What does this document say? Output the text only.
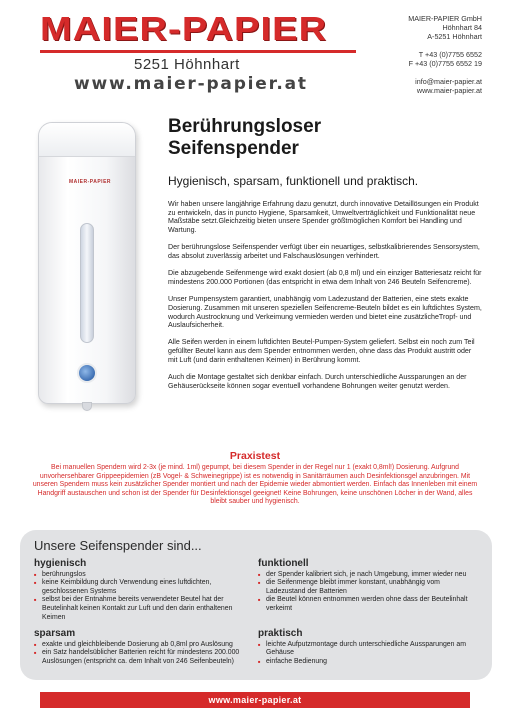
MAIER-PAPIER
5251 Höhnhart
www.maier-papier.at
MAIER-PAPIER GmbH
Höhnhart 84
A-5251 Höhnhart
T +43 (0)7755 6552
F +43 (0)7755 6552 19
info@maier-papier.at
www.maier-papier.at
MAIER-PAPIER
Berührungsloser
Seifenspender
Hygienisch, sparsam, funktionell und praktisch.

Wir haben unsere langjährige Erfahrung dazu genutzt, durch innovative Detaillösungen ein Produkt zu entwickeln, das in puncto Hygiene, Sparsamkeit, Umweltverträglichkeit und Funktionalität neue Maßstäbe setzt.Gleichzeitig bieten unsere Spender größtmöglichen Komfort bei Handling und Wartung.

Der berührungslose Seifenspender verfügt über ein neuartiges, selbstkalibrierendes Sensorsystem, das absolut zuverlässig arbeitet und Falschauslösungen verhindert.

Die abzugebende Seifenmenge wird exakt dosiert (ab 0,8 ml) und ein einziger Batteriesatz reicht für mindestens 200.000 Portionen (das entspricht in etwa dem Inhalt von 246 Beuteln Seifencreme).

Unser Pumpensystem garantiert, unabhängig vom Ladezustand der Batterien, eine stets exakte Dosierung. Zusammen mit unseren speziellen Seifencreme-Beuteln bildet es ein luftdichtes System, wodurch Austrocknung und Verkeimung vermieden werden und bietet eine zusätzlicheTropf- und Auslaufsicherheit.

Alle Seifen werden in einem luftdichten Beutel-Pumpen-System geliefert. Selbst ein noch zum Teil gefüllter Beutel kann aus dem Spender entnommen werden, ohne dass das Produkt austritt oder mit Luft (und darin enthaltenen Keimen) in Berührung kommt.

Auch die Montage gestaltet sich denkbar einfach. Durch unterschiedliche Aussparungen an der Gehäuserückseite können sogar eventuell vorhandene Bohrungen weiter genutzt werden.

Praxistest

Bei manuellen Spendern wird 2-3x (je mind. 1ml) gepumpt, bei diesem Spender in der Regel nur 1 (exakt 0,8ml!) Dosierung. Aufgrund unvorhersehbarer Grippeepidemien (zB Vogel- & Schweinegrippe) ist es notwendig in Sanitärräumen auch Desinfektionsgel anzubringen. Mit unseren Spendern muss kein zusätzlicher Spender montiert und nach der Epidemie wieder abmontiert werden. Einfach das Innenleben mit einem Handgriff austauschen und schon ist der Spender für Desinfektionsgel geeignet! Keine Bohrungen, keine unschönen Löcher in der Wand, alles bleibt sauber und hygienisch.

Unsere Seifenspender sind...
hygienisch
■ berührungslos
■ keine Keimbildung durch Verwendung eines luftdichten, geschlossenen Systems
■ selbst bei der Entnahme bereits verwendeter Beutel hat der Beutelinhalt keinen Kontakt zur Luft und den darin enthaltenen Keimen
sparsam
■ exakte und gleichbleibende Dosierung ab 0,8ml pro Auslösung
■ ein Satz handelsüblicher Batterien reicht für mindestens 200.000 Auslösungen (entspricht ca. dem Inhalt von 246 Seifenbeuteln)
funktionell
■ der Spender kalibriert sich, je nach Umgebung, immer wieder neu
■ die Seifenmenge bleibt immer konstant, unabhängig vom Ladezustand der Batterien
■ die Beutel können entnommen werden ohne dass der Beutelinhalt verkeimt
praktisch
■ leichte Aufputzmontage durch unterschiedliche Aussparungen am Gehäuse
■ einfache Bedienung
www.maier-papier.at
